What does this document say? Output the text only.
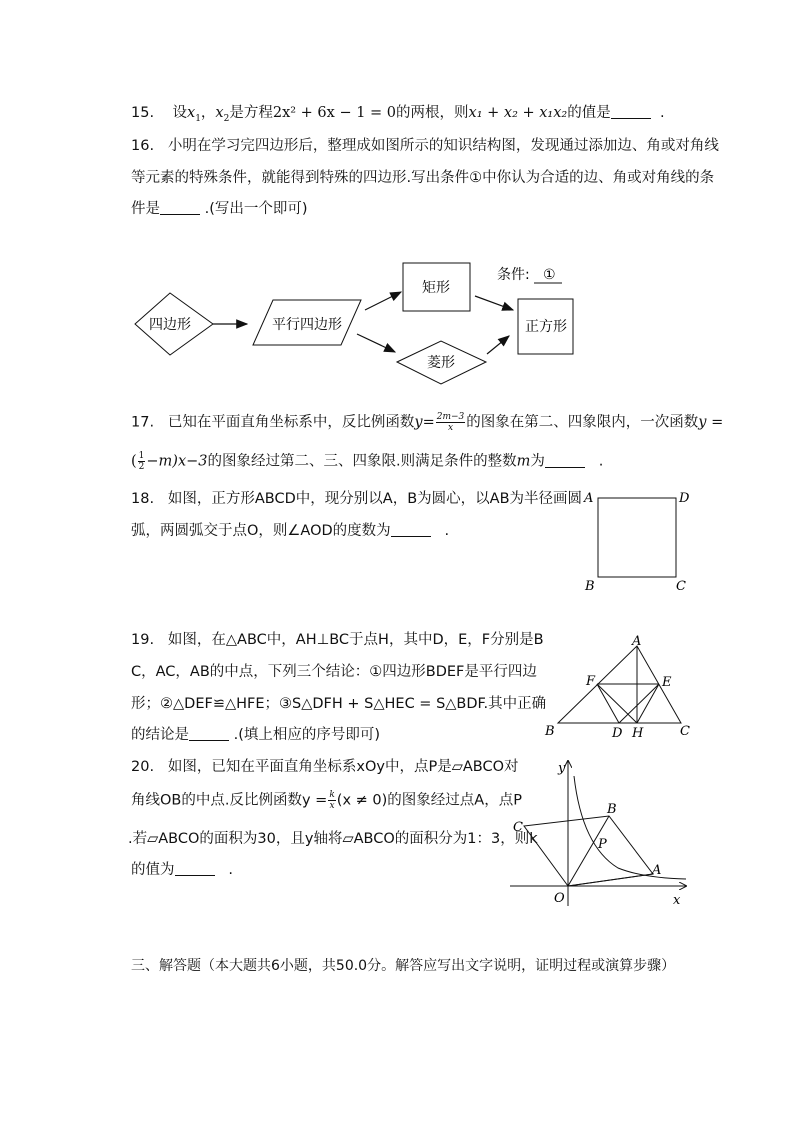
15. 设$x_1$，$x_2$是方程2x² + 6x − 1 = 0的两根，则x₁ + x₂ + x₁x₂的值是	.
16. 小明在学习完四边形后，整理成如图所示的知识结构图，发现通过添加边、角或对角线
等元素的特殊条件，就能得到特殊的四边形.写出条件①中你认为合适的边、角或对角线的条
件是	.(写出一个即可)
四边形	平行四边形
矩形
菱形
正方形
条件: ①
17. 已知在平面直角坐标系中，反比例函数$y= \frac{2m-3}{x}$ 的图象在第二、四象限内，一次函数y =
( $\frac{1}{2} -m)x-3$的图象经过第二、三、四象限.则满足条件的整数m为	.
18. 如图，正方形ABCD中，现分别以A，B为圆心，以AB为半径画圆
弧，两圆弧交于点O，则∠AOD的度数为	.
A	D
B	C
19. 如图，在△ABC中，AH⊥BC于点H，其中D，E，F分别是B
C，AC，AB的中点，下列三个结论：①四边形BDEF是平行四边
形；②△DEF≌△HFE；③S△DFH + S△HEC = S△BDF.其中正确
的结论是	.(填上相应的序号即可)
A
B	C
D H
F	E
20. 如图，已知在平面直角坐标系xOy中，点P是▱ABCO对
角线OB的中点.反比例函数$y = \frac{k}{x} (x \ne 0)$的图象经过点A，点P
.若▱ABCO的面积为30，且y轴将▱ABCO的面积分为1：3，则k
的值为	.
y
x
O
C
B
P
A
三、解答题（本大题共6小题，共50.0分。解答应写出文字说明，证明过程或演算步骤）
